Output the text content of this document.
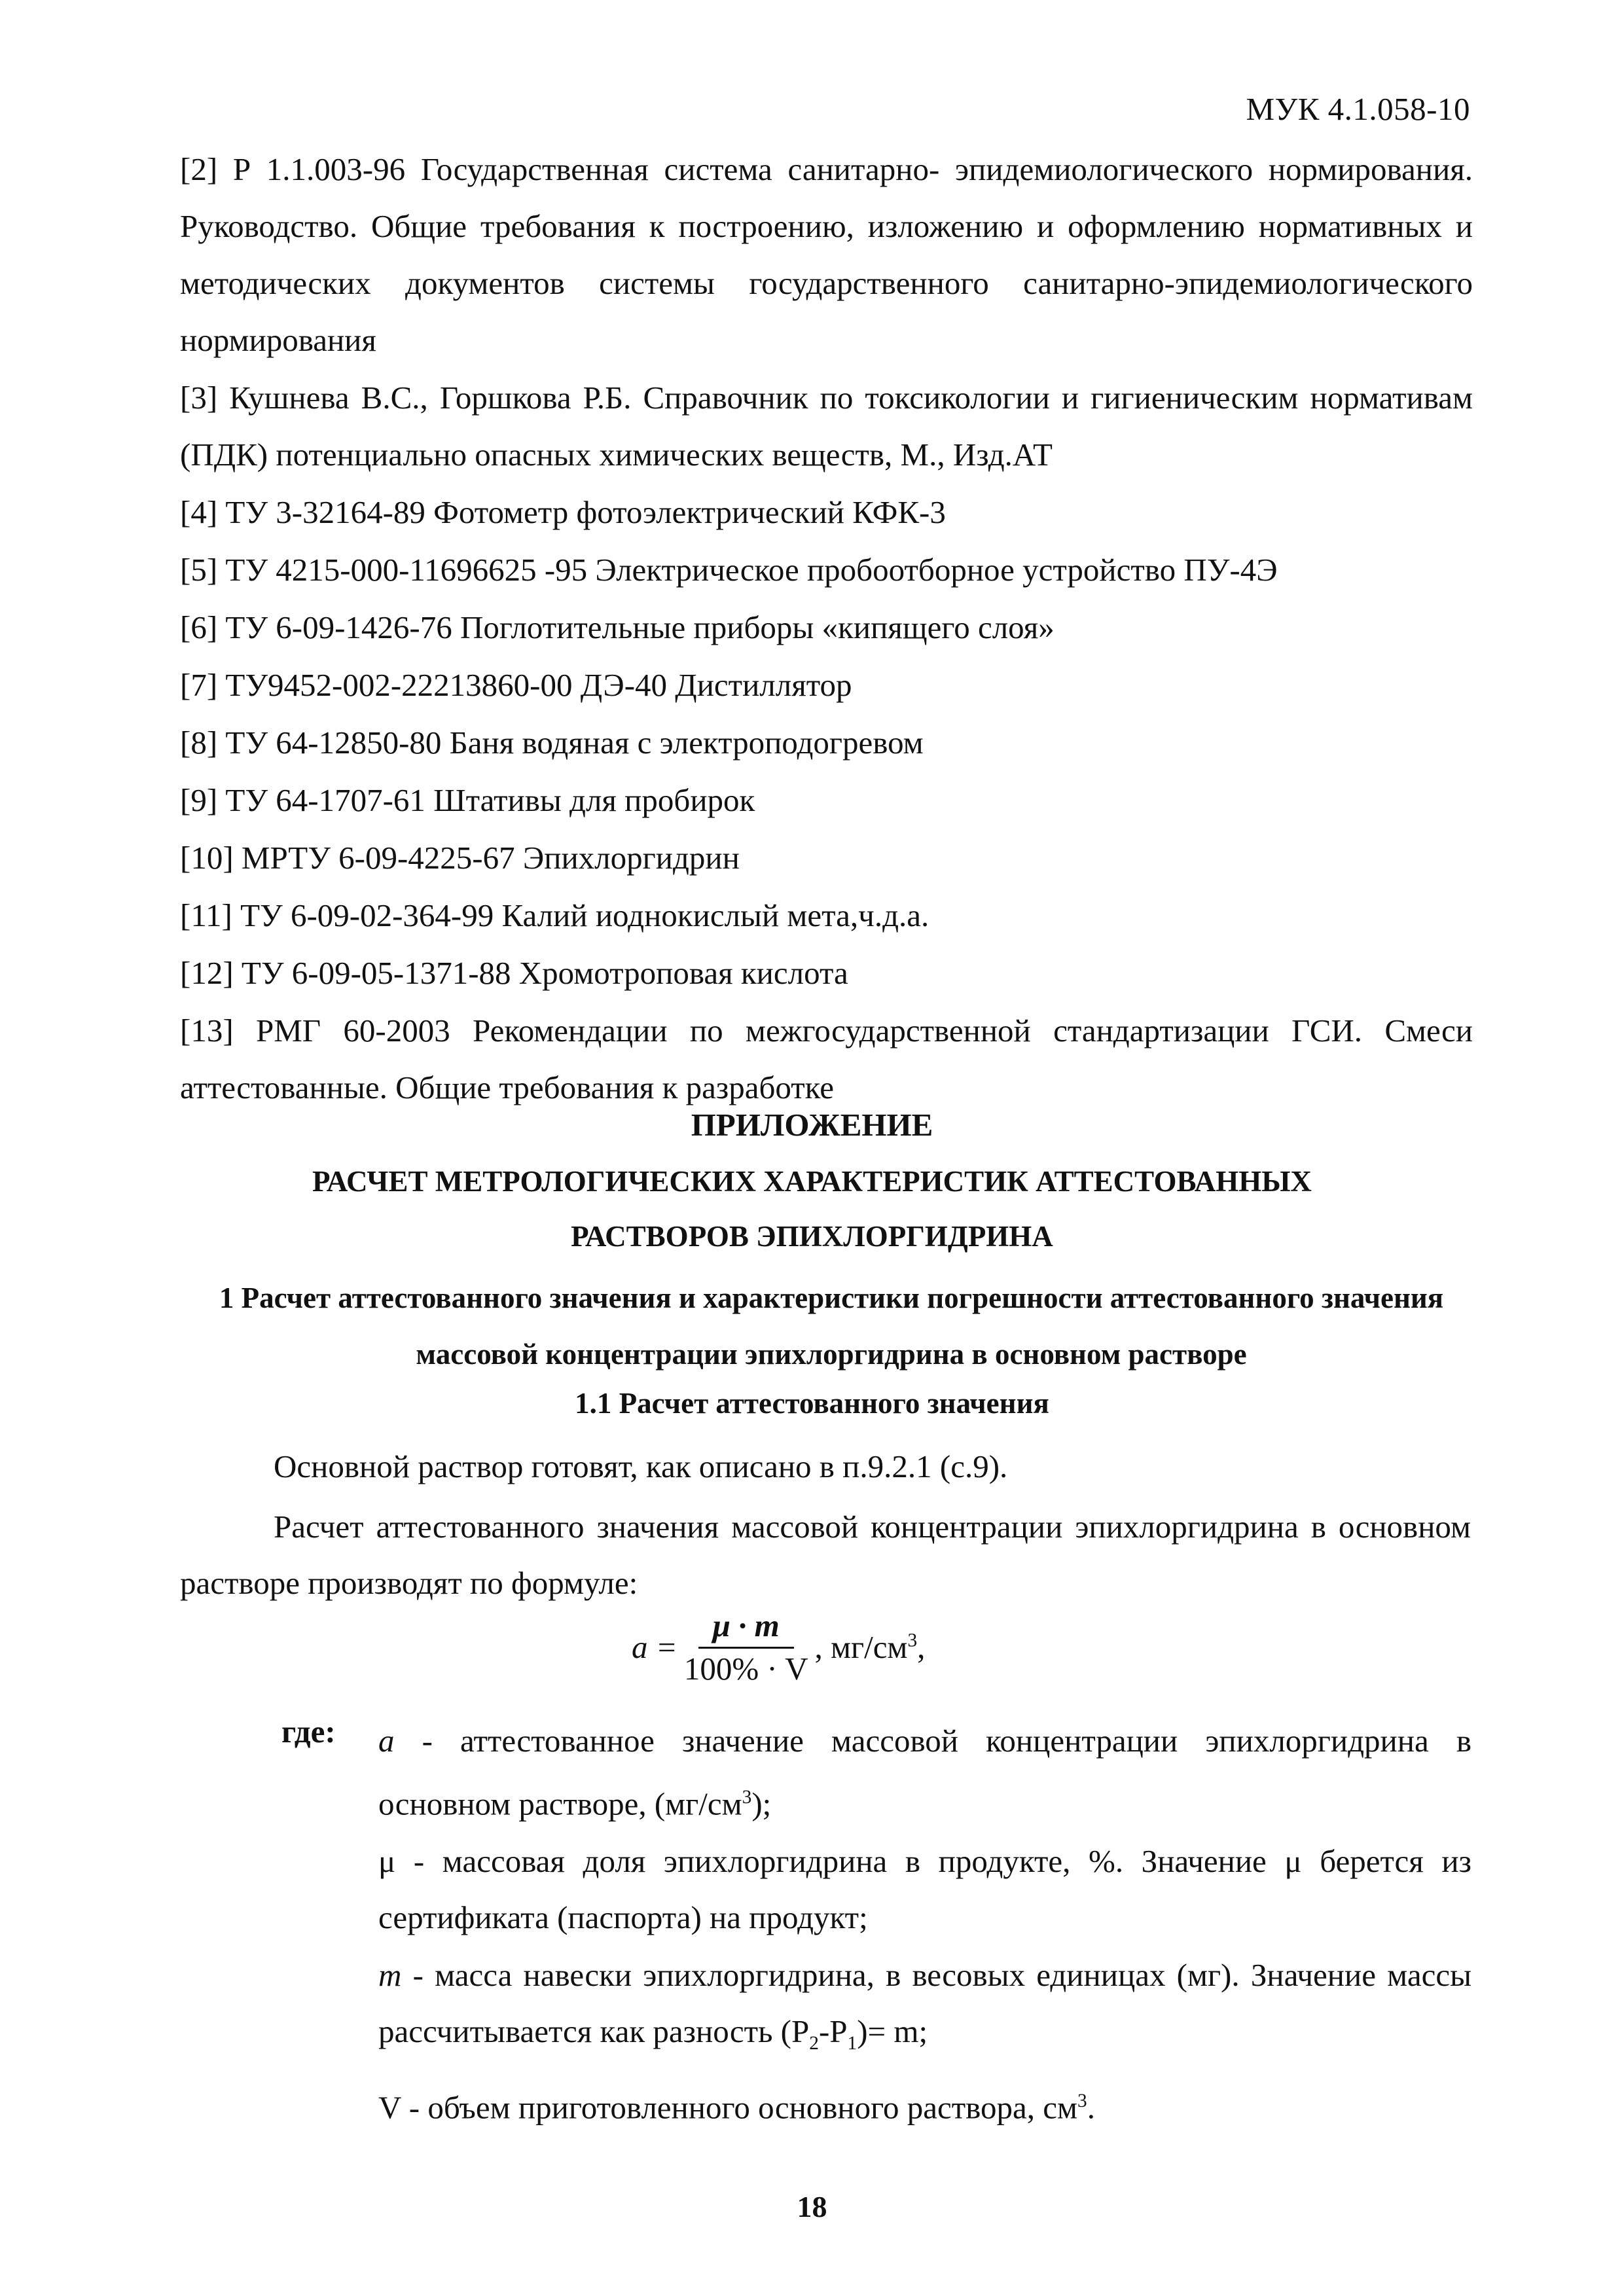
МУК 4.1.058-10

[2] Р 1.1.003-96 Государственная система санитарно- эпидемиологического нормирования. Руководство. Общие требования к построению, изложению и оформлению нормативных и методических документов системы государственного санитарно-эпидемиологического нормирования

[3] Кушнева В.С., Горшкова Р.Б. Справочник по токсикологии и гигиеническим нормативам (ПДК) потенциально опасных химических веществ, М., Изд.АТ

[4] ТУ 3-32164-89 Фотометр фотоэлектрический КФК-3

[5] ТУ 4215-000-11696625 -95 Электрическое пробоотборное устройство ПУ-4Э

[6] ТУ 6-09-1426-76 Поглотительные приборы «кипящего слоя»

[7] ТУ9452-002-22213860-00 ДЭ-40 Дистиллятор

[8] ТУ 64-12850-80 Баня водяная с электроподогревом

[9] ТУ 64-1707-61 Штативы для пробирок

[10] МРТУ 6-09-4225-67 Эпихлоргидрин

[11] ТУ 6-09-02-364-99 Калий иоднокислый мета,ч.д.а.

[12] ТУ 6-09-05-1371-88 Хромотроповая кислота

[13] РМГ 60-2003 Рекомендации по межгосударственной стандартизации ГСИ. Смеси аттестованные. Общие требования к разработке

ПРИЛОЖЕНИЕ
РАСЧЕТ МЕТРОЛОГИЧЕСКИХ ХАРАКТЕРИСТИК АТТЕСТОВАННЫХ
РАСТВОРОВ ЭПИХЛОРГИДРИНА
1 Расчет аттестованного значения и характеристики погрешности аттестованного значения массовой концентрации эпихлоргидрина в основном растворе
1.1 Расчет аттестованного значения
Основной раствор готовят, как описано в п.9.2.1 (с.9).
Расчет аттестованного значения массовой концентрации эпихлоргидрина в основном растворе производят по формуле:
$a = \frac{\mu \cdot m}{100\% \cdot V}$ , $мг/см^3$,
где: a - аттестованное значение массовой концентрации эпихлоргидрина в основном растворе, $(мг/см^3)$;
μ - массовая доля эпихлоргидрина в продукте, %. Значение μ берется из сертификата (паспорта) на продукт;
m - масса навески эпихлоргидрина, в весовых единицах (мг). Значение массы рассчитывается как разность $(P_2-P_1)= m$;
V - объем приготовленного основного раствора, $см^3$.
18
